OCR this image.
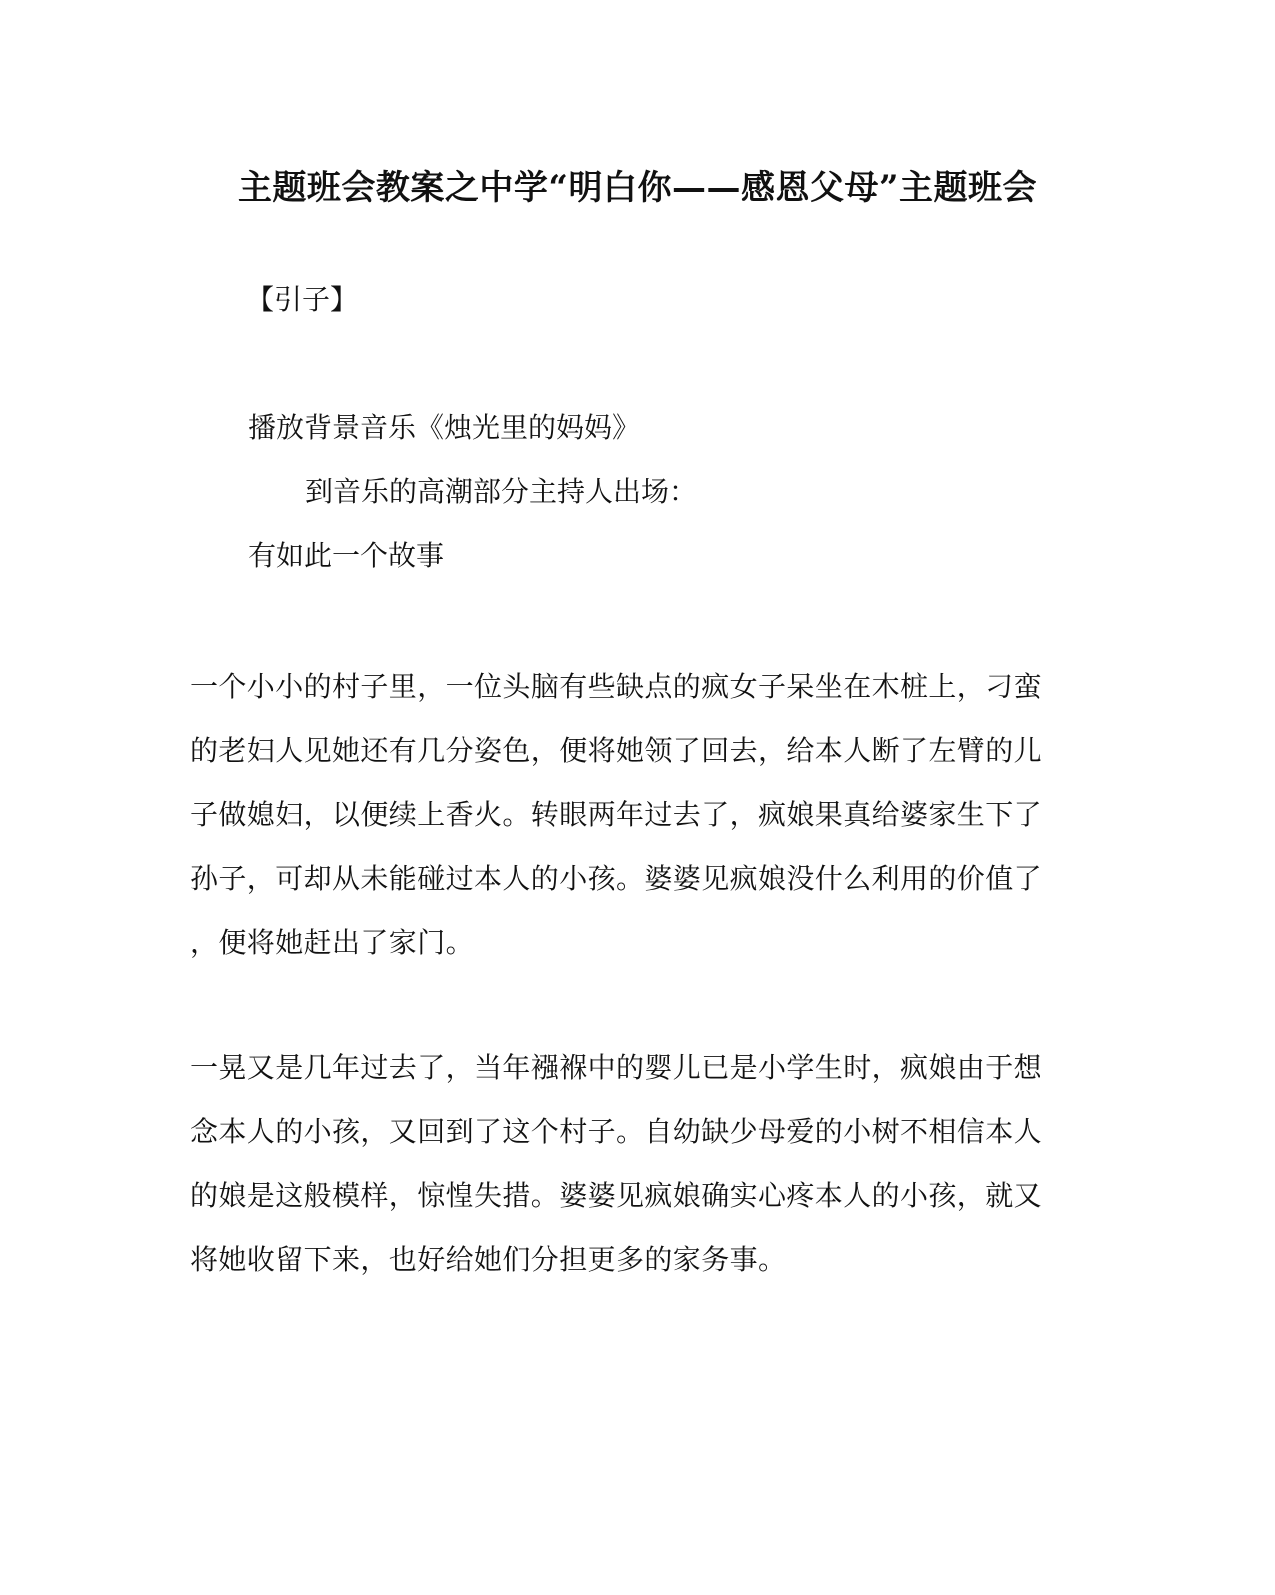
主题班会教案之中学“明白你——感恩父母”主题班会
【引子】
播放背景音乐《烛光里的妈妈》
到音乐的高潮部分主持人出场：
有如此一个故事
一个小小的村子里，一位头脑有些缺点的疯女子呆坐在木桩上，刁蛮
的老妇人见她还有几分姿色，便将她领了回去，给本人断了左臂的儿
子做媳妇，以便续上香火。转眼两年过去了，疯娘果真给婆家生下了
孙子，可却从未能碰过本人的小孩。婆婆见疯娘没什么利用的价值了
，便将她赶出了家门。
一晃又是几年过去了，当年襁褓中的婴儿已是小学生时，疯娘由于想
念本人的小孩，又回到了这个村子。自幼缺少母爱的小树不相信本人
的娘是这般模样，惊惶失措。婆婆见疯娘确实心疼本人的小孩，就又
将她收留下来，也好给她们分担更多的家务事。
